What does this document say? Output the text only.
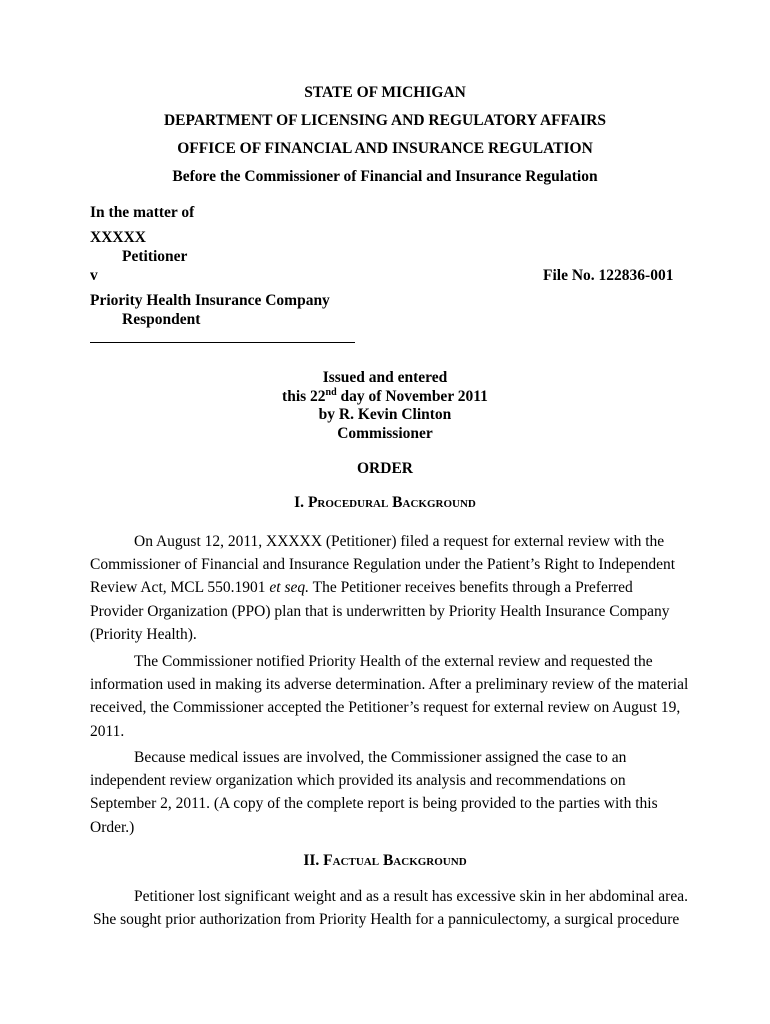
STATE OF MICHIGAN
DEPARTMENT OF LICENSING AND REGULATORY AFFAIRS
OFFICE OF FINANCIAL AND INSURANCE REGULATION
Before the Commissioner of Financial and Insurance Regulation
In the matter of
XXXXX
Petitioner
v	File No. 122836-001
Priority Health Insurance Company
Respondent
Issued and entered
this 22nd day of November 2011
by R. Kevin Clinton
Commissioner
ORDER
I. Procedural Background
On August 12, 2011, XXXXX (Petitioner) filed a request for external review with the Commissioner of Financial and Insurance Regulation under the Patient’s Right to Independent Review Act, MCL 550.1901 et seq. The Petitioner receives benefits through a Preferred Provider Organization (PPO) plan that is underwritten by Priority Health Insurance Company (Priority Health).
The Commissioner notified Priority Health of the external review and requested the information used in making its adverse determination. After a preliminary review of the material received, the Commissioner accepted the Petitioner’s request for external review on August 19, 2011.
Because medical issues are involved, the Commissioner assigned the case to an independent review organization which provided its analysis and recommendations on September 2, 2011. (A copy of the complete report is being provided to the parties with this Order.)
II. Factual Background
Petitioner lost significant weight and as a result has excessive skin in her abdominal area.
She sought prior authorization from Priority Health for a panniculectomy, a surgical procedure
